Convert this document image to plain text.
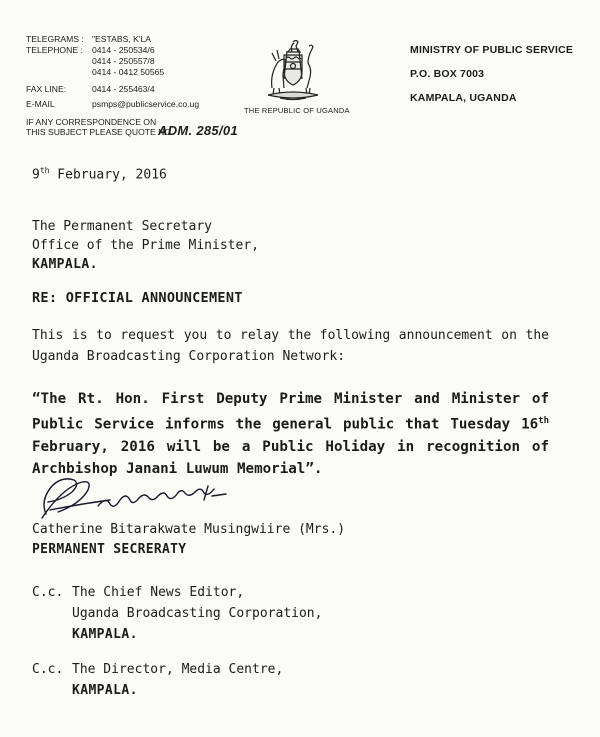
TELEGRAMS : "ESTABS, K'LA
TELEPHONE :	0414 - 250534/6
0414 - 250557/8
0414 - 0412 50565
FAX LINE:	0414 - 255463/4
E-MAIL	psmps@publicservice.co.ug
IF ANY CORRESPONDENCE ON
THIS SUBJECT PLEASE QUOTE NO.
ADM. 285/01
THE REPUBLIC OF UGANDA
MINISTRY OF PUBLIC SERVICE
P.O. BOX 7003
KAMPALA, UGANDA
9th February, 2016
The Permanent Secretary
Office of the Prime Minister,
KAMPALA.
RE: OFFICIAL ANNOUNCEMENT
This is to request you to relay the following announcement on the Uganda Broadcasting Corporation Network:
“The Rt. Hon. First Deputy Prime Minister and Minister of Public Service informs the general public that Tuesday 16th February, 2016 will be a Public Holiday in recognition of Archbishop Janani Luwum Memorial”.
Catherine Bitarakwate Musingwiire (Mrs.)
PERMANENT SECRERATY
C.c. The Chief News Editor,
Uganda Broadcasting Corporation,
KAMPALA.
C.c. The Director, Media Centre,
KAMPALA.
